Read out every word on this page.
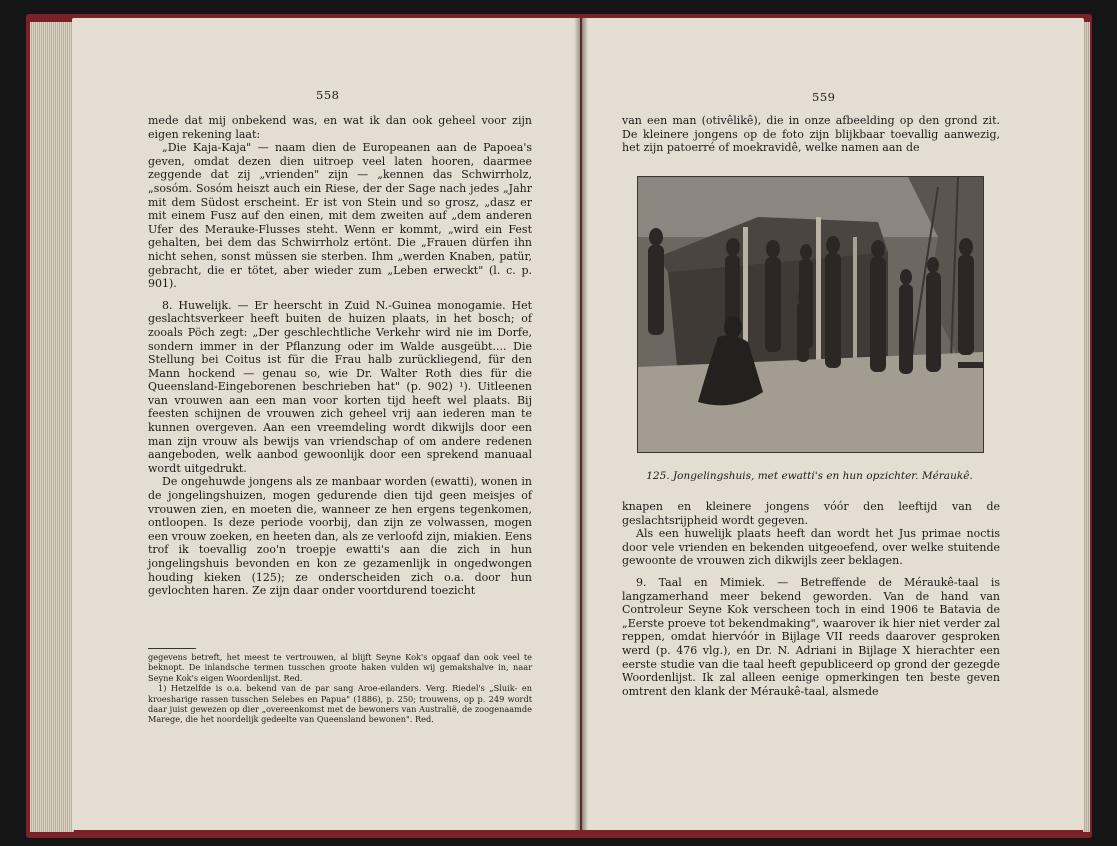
558

mede dat mij onbekend was, en wat ik dan ook geheel voor zijn eigen rekening laat:

„Die Kaja-Kaja" — naam dien de Europeanen aan de Papoea's geven, omdat dezen dien uitroep veel laten hooren, daarmee zeggende dat zij „vrienden" zijn — „kennen das Schwirrholz, „sosóm. Sosóm heiszt auch ein Riese, der der Sage nach jedes „Jahr mit dem Südost erscheint. Er ist von Stein und so grosz, „dasz er mit einem Fusz auf den einen, mit dem zweiten auf „dem anderen Ufer des Merauke-Flusses steht. Wenn er kommt, „wird ein Fest gehalten, bei dem das Schwirrholz ertönt. Die „Frauen dürfen ihn nicht sehen, sonst müssen sie sterben. Ihm „werden Knaben, patür, gebracht, die er tötet, aber wieder zum „Leben erweckt" (l. c. p. 901).

8. Huwelijk. — Er heerscht in Zuid N.-Guinea monogamie. Het geslachtsverkeer heeft buiten de huizen plaats, in het bosch; of zooals Pöch zegt: „Der geschlechtliche Verkehr wird nie im Dorfe, sondern immer in der Pflanzung oder im Walde ausgeübt.... Die Stellung bei Coitus ist für die Frau halb zurückliegend, für den Mann hockend — genau so, wie Dr. Walter Roth dies für die Queensland-Eingeborenen beschrieben hat" (p. 902) ¹). Uitleenen van vrouwen aan een man voor korten tijd heeft wel plaats. Bij feesten schijnen de vrouwen zich geheel vrij aan iederen man te kunnen overgeven. Aan een vreemdeling wordt dikwijls door een man zijn vrouw als bewijs van vriendschap of om andere redenen aangeboden, welk aanbod gewoonlijk door een sprekend manuaal wordt uitgedrukt.

De ongehuwde jongens als ze manbaar worden (ewatti), wonen in de jongelingshuizen, mogen gedurende dien tijd geen meisjes of vrouwen zien, en moeten die, wanneer ze hen ergens tegenkomen, ontloopen. Is deze periode voorbij, dan zijn ze volwassen, mogen een vrouw zoeken, en heeten dan, als ze verloofd zijn, miakien. Eens trof ik toevallig zoo'n troepje ewatti's aan die zich in hun jongelingshuis bevonden en kon ze gezamenlijk in ongedwongen houding kieken (125); ze onderscheiden zich o.a. door hun gevlochten haren. Ze zijn daar onder voortdurend toezicht

gegevens betreft, het meest te vertrouwen, al blijft Seyne Kok's opgaaf dan ook veel te beknopt. De inlandsche termen tusschen groote haken vulden wij gemakshalve in, naar Seyne Kok's eigen Woordenlijst. Red.

1) Hetzelfde is o.a. bekend van de par sang Aroe-eilanders. Verg. Riedel's „Sluik- en kroesharige rassen tusschen Selebes en Papua" (1886), p. 250; trouwens, op p. 249 wordt daar juist gewezen op dier „overeenkomst met de bewoners van Australië, de zoogenaamde Marege, die het noordelijk gedeelte van Queensland bewonen". Red.

559

van een man (otivêlikê), die in onze afbeelding op den grond zit. De kleinere jongens op de foto zijn blijkbaar toevallig aanwezig, het zijn patoerré of moekravidê, welke namen aan de

125. Jongelingshuis, met ewatti's en hun opzichter. Méraukê.

knapen en kleinere jongens vóór den leeftijd van de geslachtsrijpheid wordt gegeven.

Als een huwelijk plaats heeft dan wordt het Jus primae noctis door vele vrienden en bekenden uitgeoefend, over welke stuitende gewoonte de vrouwen zich dikwijls zeer beklagen.

9. Taal en Mimiek. — Betreffende de Méraukê-taal is langzamerhand meer bekend geworden. Van de hand van Controleur Seyne Kok verscheen toch in eind 1906 te Batavia de „Eerste proeve tot bekendmaking", waarover ik hier niet verder zal reppen, omdat hiervóór in Bijlage VII reeds daarover gesproken werd (p. 476 vlg.), en Dr. N. Adriani in Bijlage X hierachter een eerste studie van die taal heeft gepubliceerd op grond der gezegde Woordenlijst. Ik zal alleen eenige opmerkingen ten beste geven omtrent den klank der Méraukê-taal, alsmede
